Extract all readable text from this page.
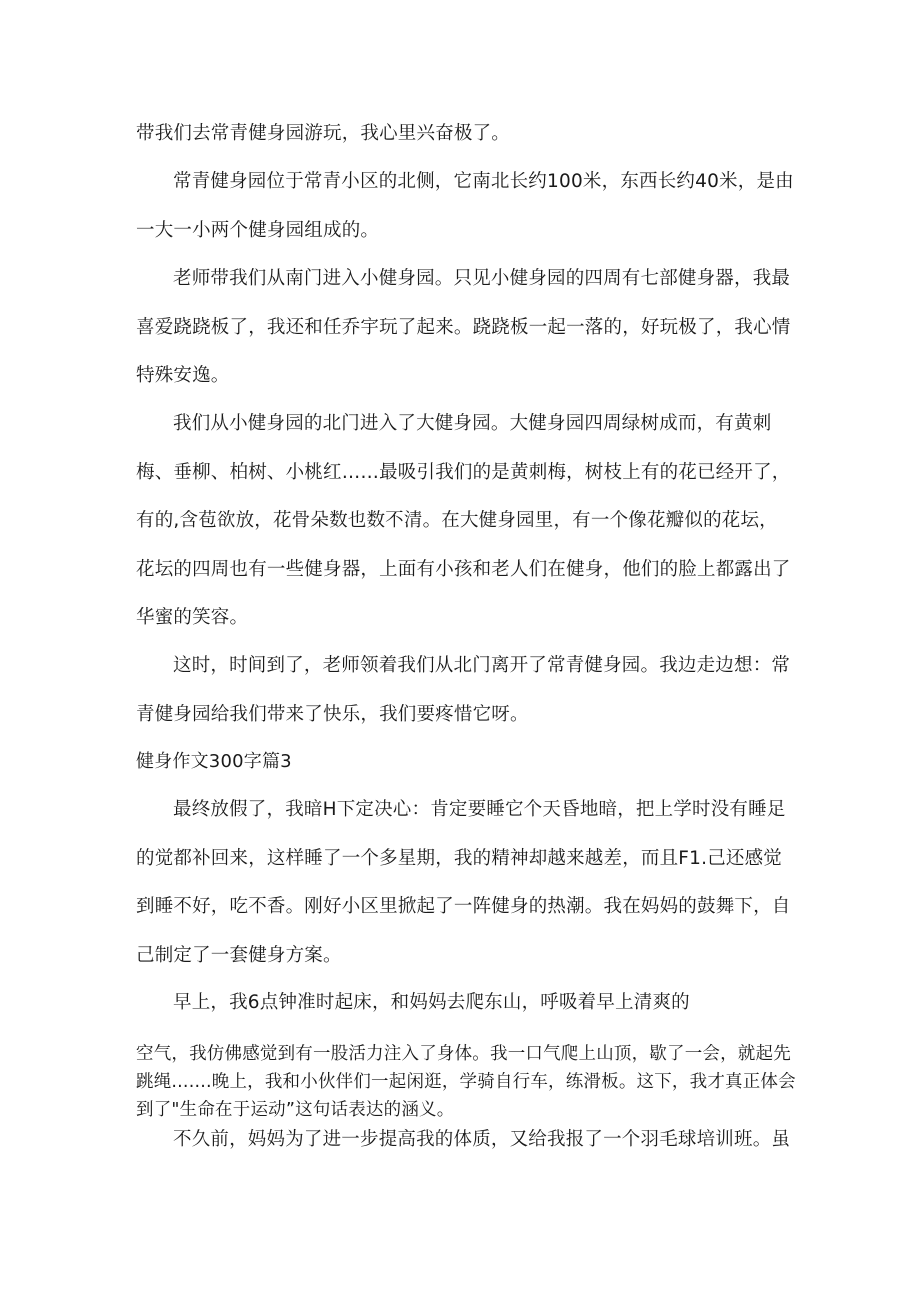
带我们去常青健身园游玩，我心里兴奋极了。

常青健身园位于常青小区的北侧，它南北长约100米，东西长约40米，是由一大一小两个健身园组成的。

老师带我们从南门进入小健身园。只见小健身园的四周有七部健身器，我最喜爱跷跷板了，我还和任乔宇玩了起来。跷跷板一起一落的，好玩极了，我心情特殊安逸。

我们从小健身园的北门进入了大健身园。大健身园四周绿树成而，有黄刺梅、垂柳、柏树、小桃红……最吸引我们的是黄刺梅，树枝上有的花已经开了，有的,含苞欲放，花骨朵数也数不清。在大健身园里，有一个像花瓣似的花坛，花坛的四周也有一些健身器，上面有小孩和老人们在健身，他们的脸上都露出了华蜜的笑容。

这时，时间到了，老师领着我们从北门离开了常青健身园。我边走边想：常青健身园给我们带来了快乐，我们要疼惜它呀。

健身作文300字篇3

最终放假了，我暗H下定决心：肯定要睡它个天昏地暗，把上学时没有睡足的觉都补回来，这样睡了一个多星期，我的精神却越来越差，而且F1.己还感觉到睡不好，吃不香。刚好小区里掀起了一阵健身的热潮。我在妈妈的鼓舞下，自己制定了一套健身方案。

早上，我6点钟准时起床，和妈妈去爬东山，呼吸着早上清爽的

空气，我仿佛感觉到有一股活力注入了身体。我一口气爬上山顶，歇了一会，就起先跳绳.......晚上，我和小伙伴们一起闲逛，学骑自行车，练滑板。这下，我才真正体会到了"生命在于运动”这句话表达的涵义。

不久前，妈妈为了进一步提高我的体质，又给我报了一个羽毛球培训班。虽
